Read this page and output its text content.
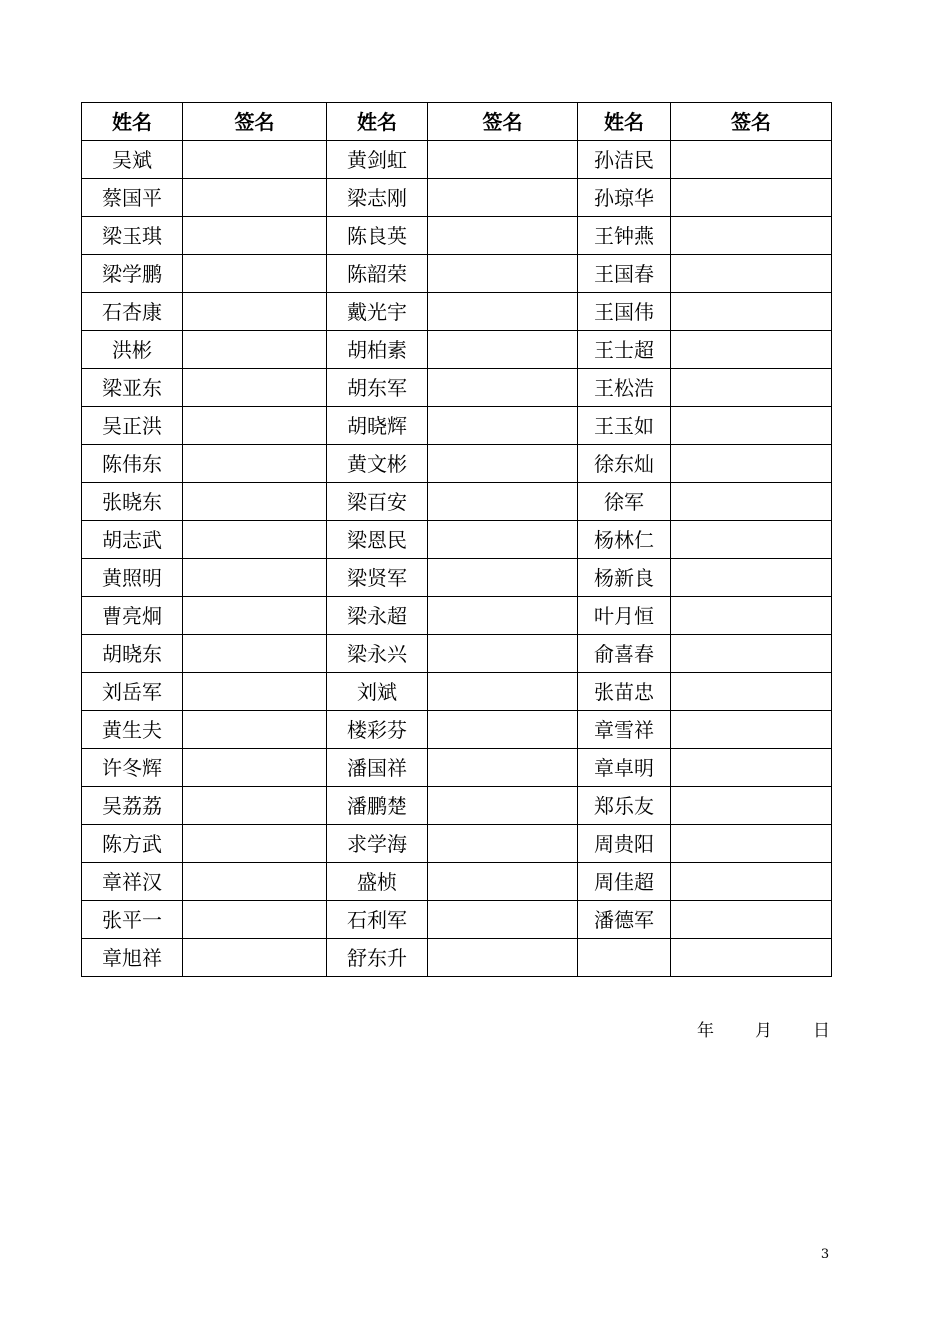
姓名	签名	姓名	签名	姓名	签名
吴斌		黄剑虹		孙洁民	
蔡国平		梁志刚		孙琼华	
梁玉琪		陈良英		王钟燕	
梁学鹏		陈韶荣		王国春	
石杏康		戴光宇		王国伟	
洪彬		胡柏素		王士超	
梁亚东		胡东军		王松浩	
吴正洪		胡晓辉		王玉如	
陈伟东		黄文彬		徐东灿	
张晓东		梁百安		徐军	
胡志武		梁恩民		杨林仁	
黄照明		梁贤军		杨新良	
曹亮炯		梁永超		叶月恒	
胡晓东		梁永兴		俞喜春	
刘岳军		刘斌		张苗忠	
黄生夫		楼彩芬		章雪祥	
许冬辉		潘国祥		章卓明	
吴荔荔		潘鹏楚		郑乐友	
陈方武		求学海		周贵阳	
章祥汉		盛桢		周佳超	
张平一		石利军		潘德军	
章旭祥		舒东升			
年 月 日
3
